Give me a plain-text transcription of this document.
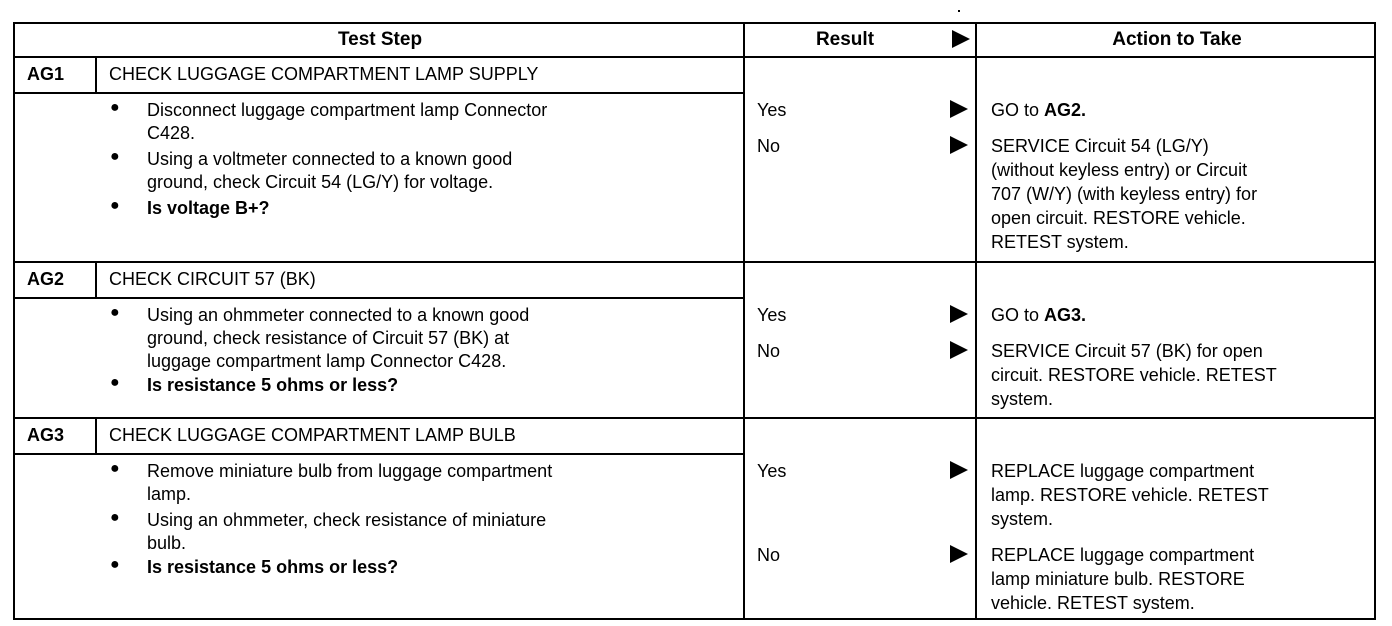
Test Step	Result	Action to Take
AG1 CHECK LUGGAGE COMPARTMENT LAMP SUPPLY
● Disconnect luggage compartment lamp Connector
C428.
● Using a voltmeter connected to a known good
ground, check Circuit 54 (LG/Y) for voltage.
● Is voltage B+?
Yes	GO to AG2.
No	SERVICE Circuit 54 (LG/Y)
(without keyless entry) or Circuit
707 (W/Y) (with keyless entry) for
open circuit. RESTORE vehicle.
RETEST system.
AG2 CHECK CIRCUIT 57 (BK)
● Using an ohmmeter connected to a known good
ground, check resistance of Circuit 57 (BK) at
luggage compartment lamp Connector C428.
● Is resistance 5 ohms or less?
Yes	GO to AG3.
No	SERVICE Circuit 57 (BK) for open
circuit. RESTORE vehicle. RETEST
system.
AG3 CHECK LUGGAGE COMPARTMENT LAMP BULB
● Remove miniature bulb from luggage compartment
lamp.
● Using an ohmmeter, check resistance of miniature
bulb.
● Is resistance 5 ohms or less?
Yes	REPLACE luggage compartment
lamp. RESTORE vehicle. RETEST
system.
No	REPLACE luggage compartment
lamp miniature bulb. RESTORE
vehicle. RETEST system.
